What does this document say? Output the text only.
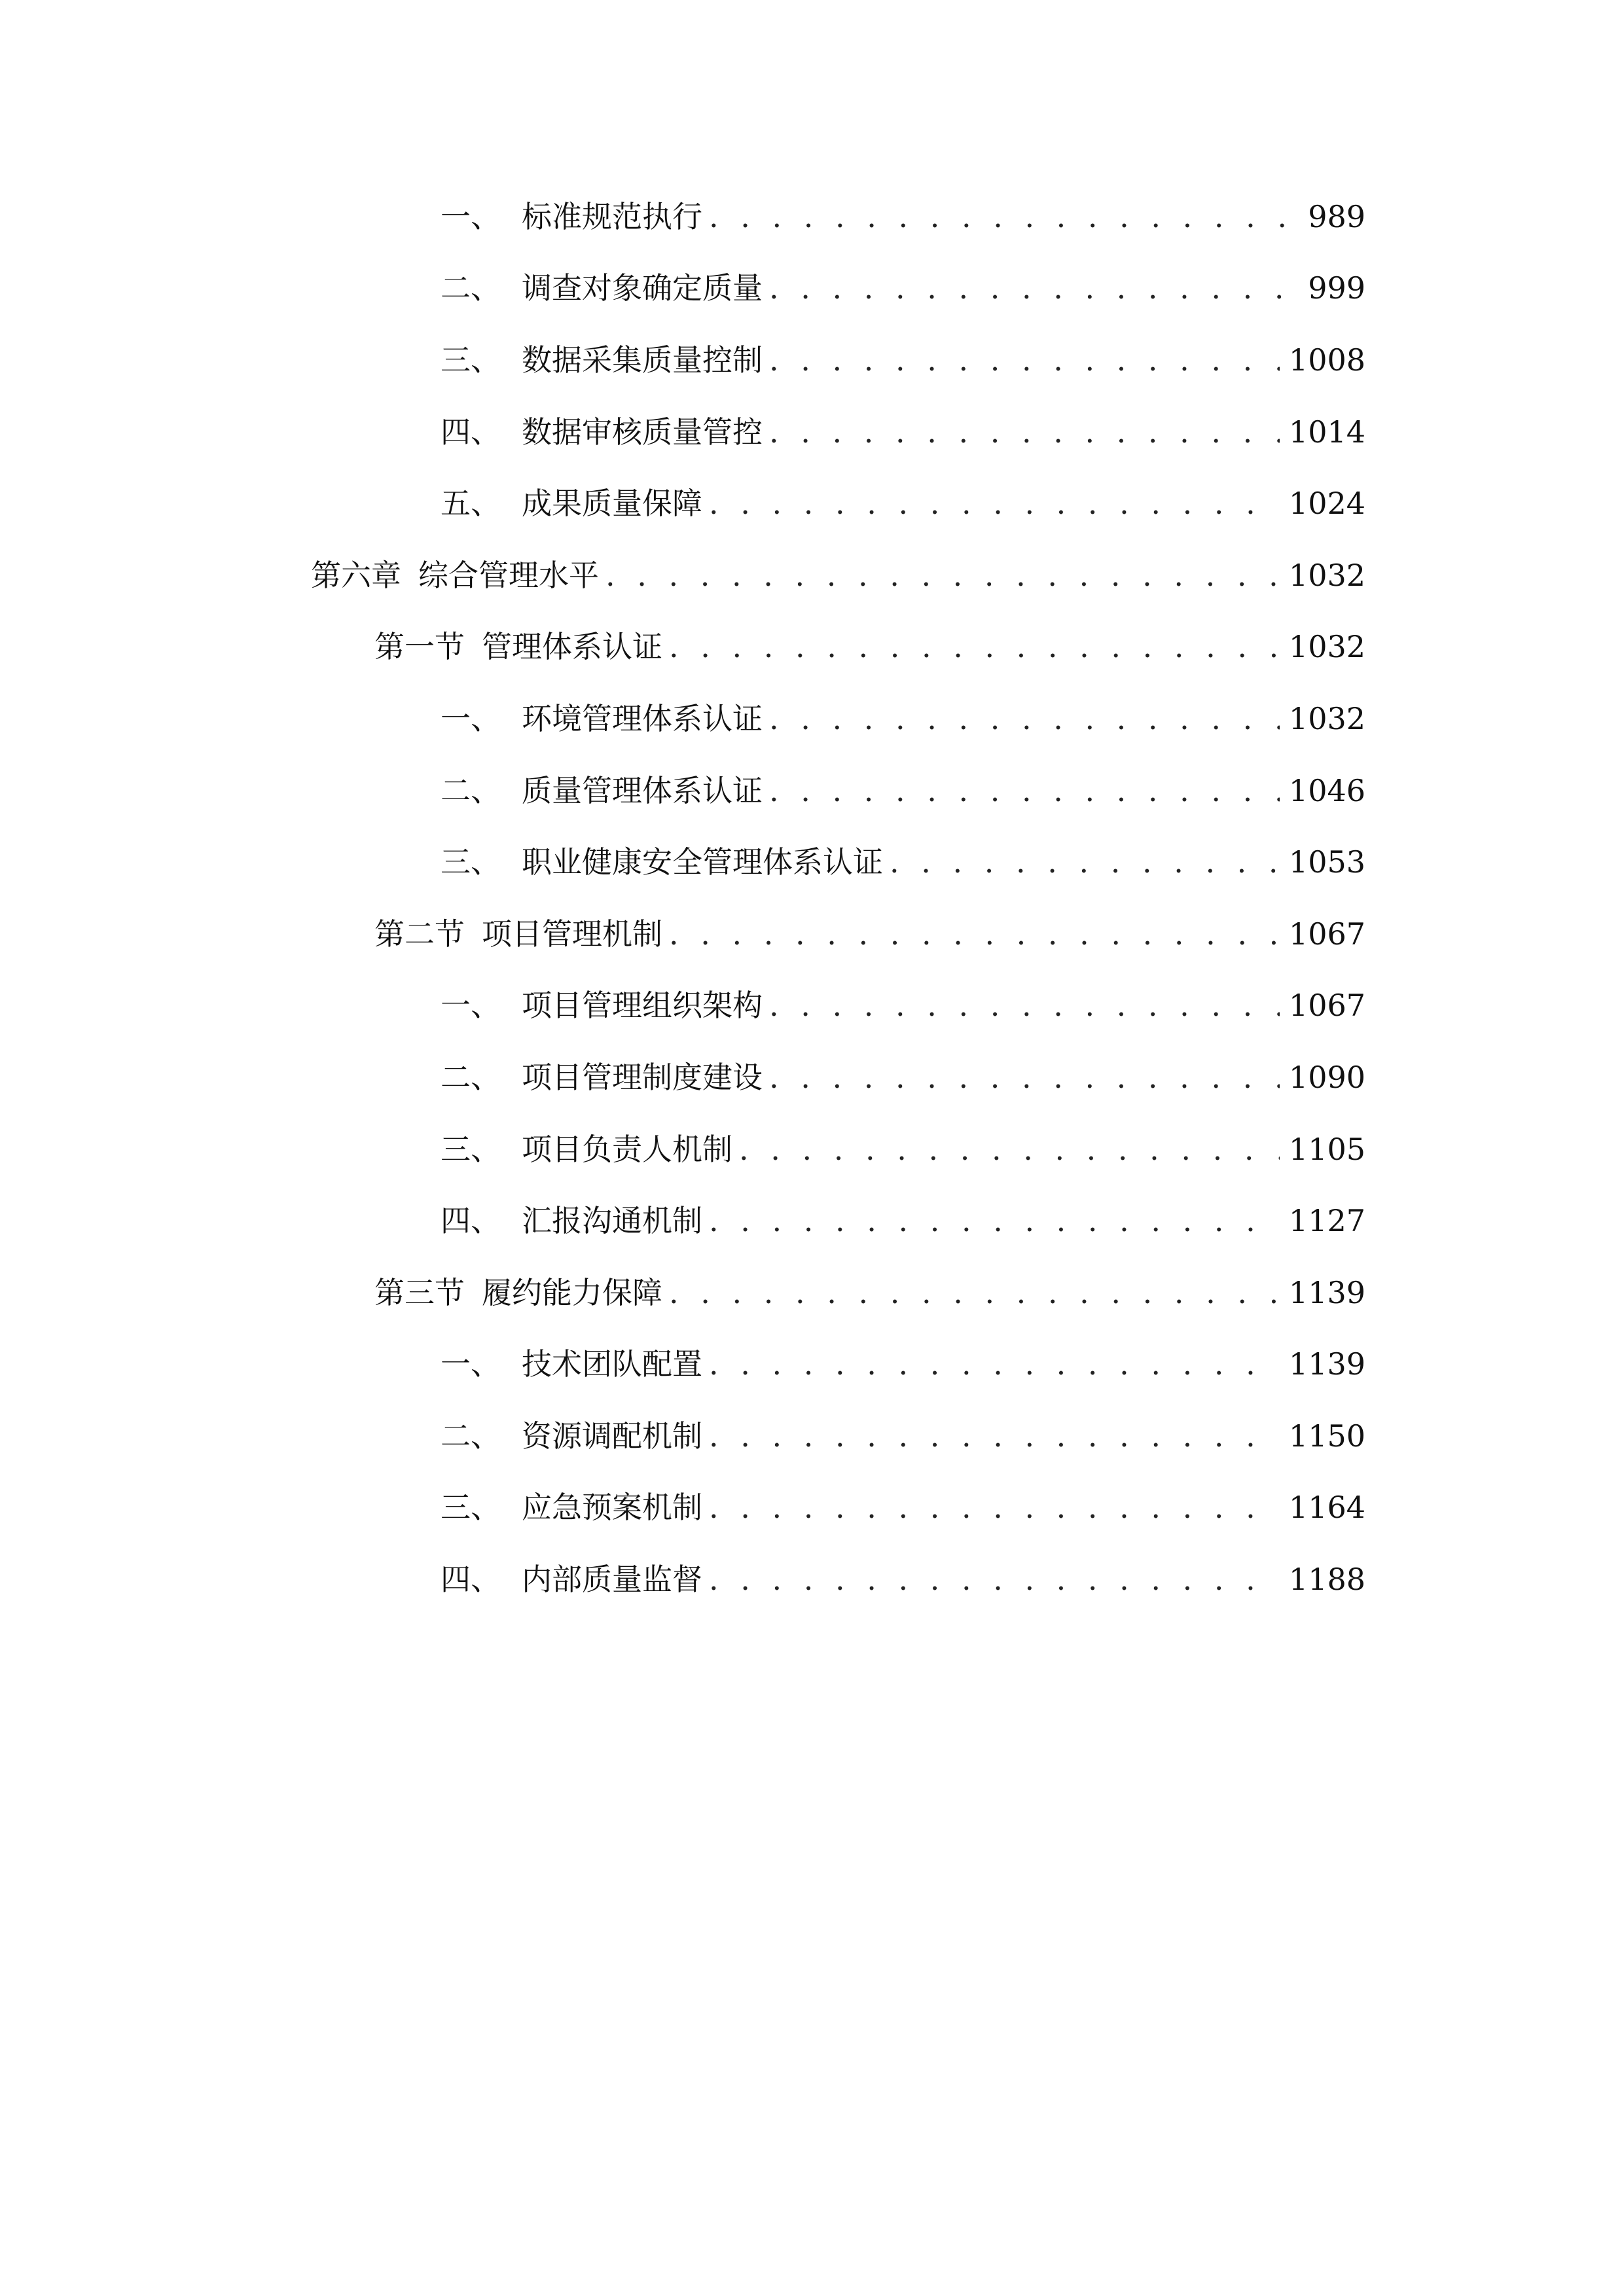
一、 标准规范执行 . . .	989
二、 调查对象确定质量 . . .	999
三、 数据采集质量控制 . . .	1008
四、 数据审核质量管控 . . .	1014
五、 成果质量保障 . . .	1024
第六章 综合管理水平 . . .	1032
第一节 管理体系认证 . . .	1032
一、 环境管理体系认证 . . .	1032
二、 质量管理体系认证 . . .	1046
三、 职业健康安全管理体系认证 . . .	1053
第二节 项目管理机制 . . .	1067
一、 项目管理组织架构 . . .	1067
二、 项目管理制度建设 . . .	1090
三、 项目负责人机制 . . .	1105
四、 汇报沟通机制 . . .	1127
第三节 履约能力保障 . . .	1139
一、 技术团队配置 . . .	1139
二、 资源调配机制 . . .	1150
三、 应急预案机制 . . .	1164
四、 内部质量监督 . . .	1188
